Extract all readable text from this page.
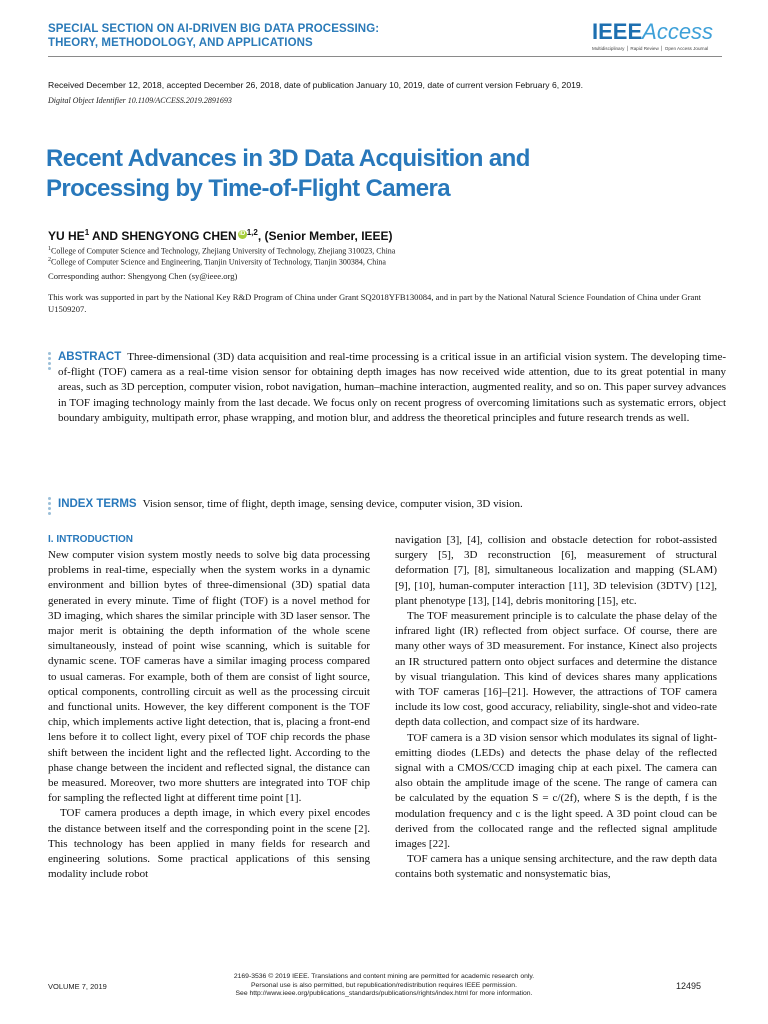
SPECIAL SECTION ON AI-DRIVEN BIG DATA PROCESSING:
THEORY, METHODOLOGY, AND APPLICATIONS	IEEEAccess
Multidisciplinary ⎪ Rapid Review ⎪ Open Access Journal
Received December 12, 2018, accepted December 26, 2018, date of publication January 10, 2019, date of current version February 6, 2019.
Digital Object Identifier 10.1109/ACCESS.2019.2891693
Recent Advances in 3D Data Acquisition and
Processing by Time-of-Flight Camera
YU $HE^1$ AND SHENGYONG CHEN iD $^{1,2}$, (Senior Member, IEEE)
$^1$College of Computer Science and Technology, Zhejiang University of Technology, Zhejiang 310023, China
$^2$College of Computer Science and Engineering, Tianjin University of Technology, Tianjin 300384, China
Corresponding author: Shengyong Chen (sy@ieee.org)
This work was supported in part by the National Key R&D Program of China under Grant SQ2018YFB130084, and in part by the National Natural Science Foundation of China under Grant U1509207.
ABSTRACT Three-dimensional (3D) data acquisition and real-time processing is a critical issue in an artificial vision system. The developing time-of-flight (TOF) camera as a real-time vision sensor for obtaining depth images has now received wide attention, due to its great potential in many areas, such as 3D perception, computer vision, robot navigation, human–machine interaction, augmented reality, and so on. This paper survey advances in TOF imaging technology mainly from the last decade. We focus only on recent progress of overcoming limitations such as systematic errors, object boundary ambiguity, multipath error, phase wrapping, and motion blur, and address the theoretical principles and future research trends as well.
INDEX TERMS Vision sensor, time of flight, depth image, sensing device, computer vision, 3D vision.
I. INTRODUCTION

New computer vision system mostly needs to solve big data processing problems in real-time, especially when the system works in a dynamic environment and billion bytes of three-dimensional (3D) spatial data generated in every minute. Time of flight (TOF) is a novel method for 3D imaging, which shares the similar principle with 3D laser sensor. The major merit is obtaining the depth information of the whole scene simultaneously, instead of point wise scanning, which is suitable for dynamic scene. TOF cameras have a similar imaging process compared to usual cameras. For example, both of them are consist of light source, optical components, controlling circuit as well as the processing circuit and functional units. However, the key different component is the TOF chip, which implements active light detection, that is, placing a front-end lens before it to collect light, every pixel of TOF chip records the phase shift between the incident light and the reflected light. According to the phase change between the incident and reflected signal, the distance can be measured. Moreover, two more shutters are integrated into TOF chip for sampling the reflected light at different time point [1].

TOF camera produces a depth image, in which every pixel encodes the distance between itself and the corresponding point in the scene [2]. This technology has been applied in many fields for research and engineering solutions. Some practical applications of this sensing modality include robot

navigation [3], [4], collision and obstacle detection for robot-assisted surgery [5], 3D reconstruction [6], measurement of structural deformation [7], [8], simultaneous localization and mapping (SLAM) [9], [10], human-computer interaction [11], 3D television (3DTV) [12], plant phenotype [13], [14], debris monitoring [15], etc.

The TOF measurement principle is to calculate the phase delay of the infrared light (IR) reflected from object surface. Of course, there are many other ways of 3D measurement. For instance, Kinect also projects an IR structured pattern onto object surfaces and determine the distance by visual triangulation. This kind of devices shares many applications with TOF cameras [16]–[21]. However, the attractions of TOF camera include its low cost, good accuracy, reliability, single-shot and video-rate depth data collection, and compact size of its hardware.

TOF camera is a 3D vision sensor which modulates its signal of light-emitting diodes (LEDs) and detects the phase delay of the reflected signal with a CMOS/CCD imaging chip at each pixel. The camera can also obtain the amplitude image of the scene. The range of camera can be calculated by the equation S = c/(2f), where S is the depth, f is the modulation frequency and c is the light speed. A 3D point cloud can be derived from the collocated range and the reflected signal amplitude images [22].

TOF camera has a unique sensing architecture, and the raw depth data contains both systematic and nonsystematic bias,

VOLUME 7, 2019
2169-3536 © 2019 IEEE. Translations and content mining are permitted for academic research only.
Personal use is also permitted, but republication/redistribution requires IEEE permission.
See http://www.ieee.org/publications_standards/publications/rights/index.html for more information.
12495
